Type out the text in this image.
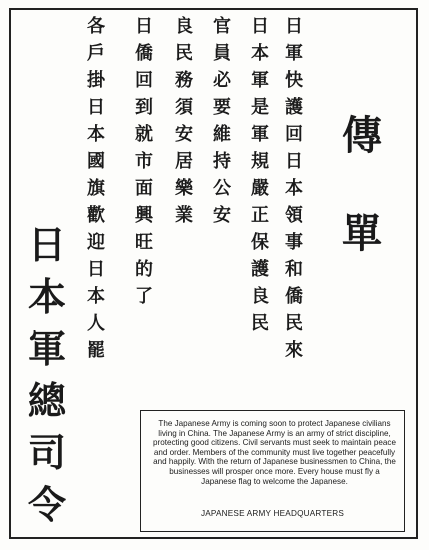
傳
單
日
軍
快
護
回
日
本
領
事
和
僑
民
來
日
本
軍
是
軍
規
嚴
正
保
護
良
民
官
員
必
要
維
持
公
安
良
民
務
須
安
居
樂
業
日
僑
回
到
就
市
面
興
旺
的
了
各
戶
掛
日
本
國
旗
歡
迎
日
本
人
罷
日
本
軍
總
司
令

The Japanese Army is coming soon to protect Japanese civilians living in China. The Japanese Army is an army of strict discipline, protecting good citizens. Civil servants must seek to maintain peace and order. Members of the community must live together peacefully and happily. With the return of Japanese businessmen to China, the businesses will prosper once more. Every house must fly a Japanese flag to welcome the Japanese.

JAPANESE ARMY HEADQUARTERS
